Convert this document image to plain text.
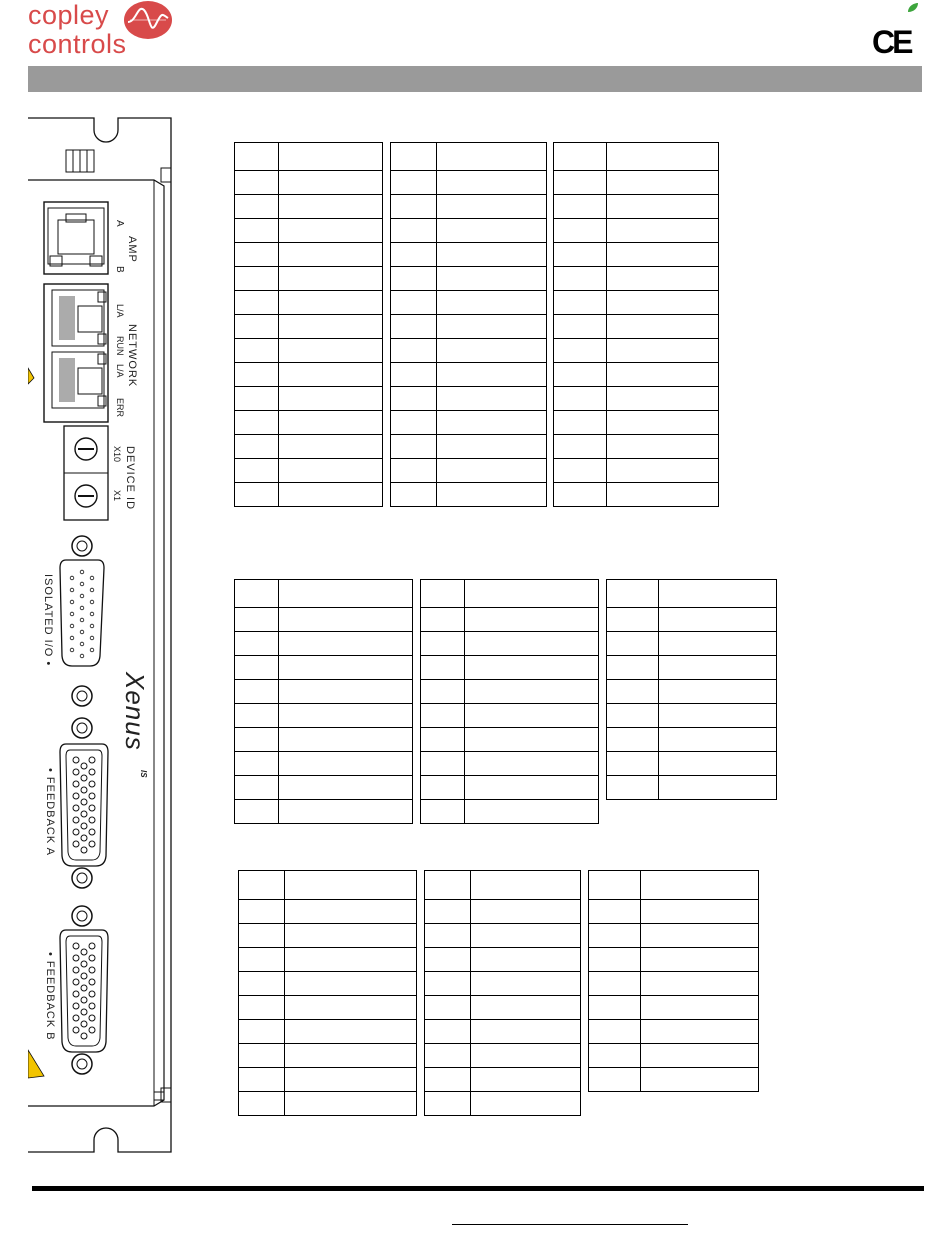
copley
controls	CE
A
AMP
B
L/A
NETWORK
RUN
L/A
ERR
DEVICE ID
X10
X1
ISOLATED I/O •
Xenus
IS
• FEEDBACK A
• FEEDBACK B
